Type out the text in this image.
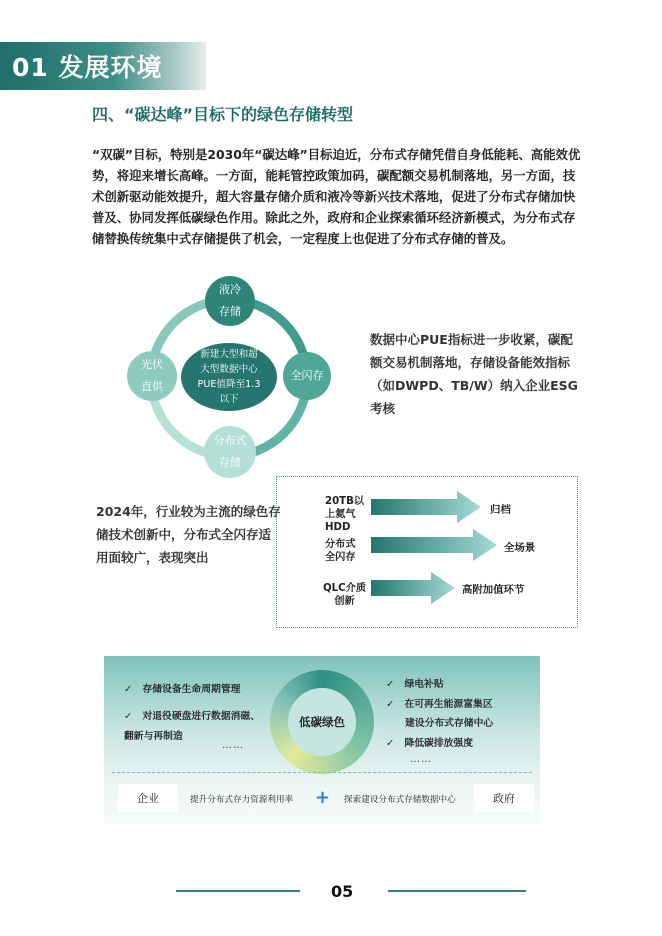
01 发展环境
四、“碳达峰”目标下的绿色存储转型
“双碳”目标，特别是2030年“碳达峰”目标迫近，分布式存储凭借自身低能耗、高能效优势，将迎来增长高峰。一方面，能耗管控政策加码，碳配额交易机制落地，另一方面，技术创新驱动能效提升，超大容量存储介质和液冷等新兴技术落地，促进了分布式存储加快普及、协同发挥低碳绿色作用。除此之外，政府和企业探索循环经济新模式，为分布式存储替换传统集中式存储提供了机会，一定程度上也促进了分布式存储的普及。
新建大型和超
大型数据中心
PUE值降至1.3
以下
液冷
存储
全闪存
分布式
存储
光伏
直供
数据中心PUE指标进一步收紧，碳配额交易机制落地，存储设备能效指标（如DWPD、TB/W）纳入企业ESG考核
2024年，行业较为主流的绿色存储技术创新中，分布式全闪存适用面较广，表现突出
20TB以
上氦气
HDD
归档
分布式
全闪存
全场景
QLC介质
创新
高附加值环节
✓ 存储设备生命周期管理
✓ 对退役硬盘进行数据消磁、
翻新与再制造
……
低碳绿色
✓ 绿电补贴
✓ 在可再生能源富集区
建设分布式存储中心
✓ 降低碳排放强度
……
企业	提升分布式存力资源利用率 + 探索建设分布式存储数据中心	政府
05
